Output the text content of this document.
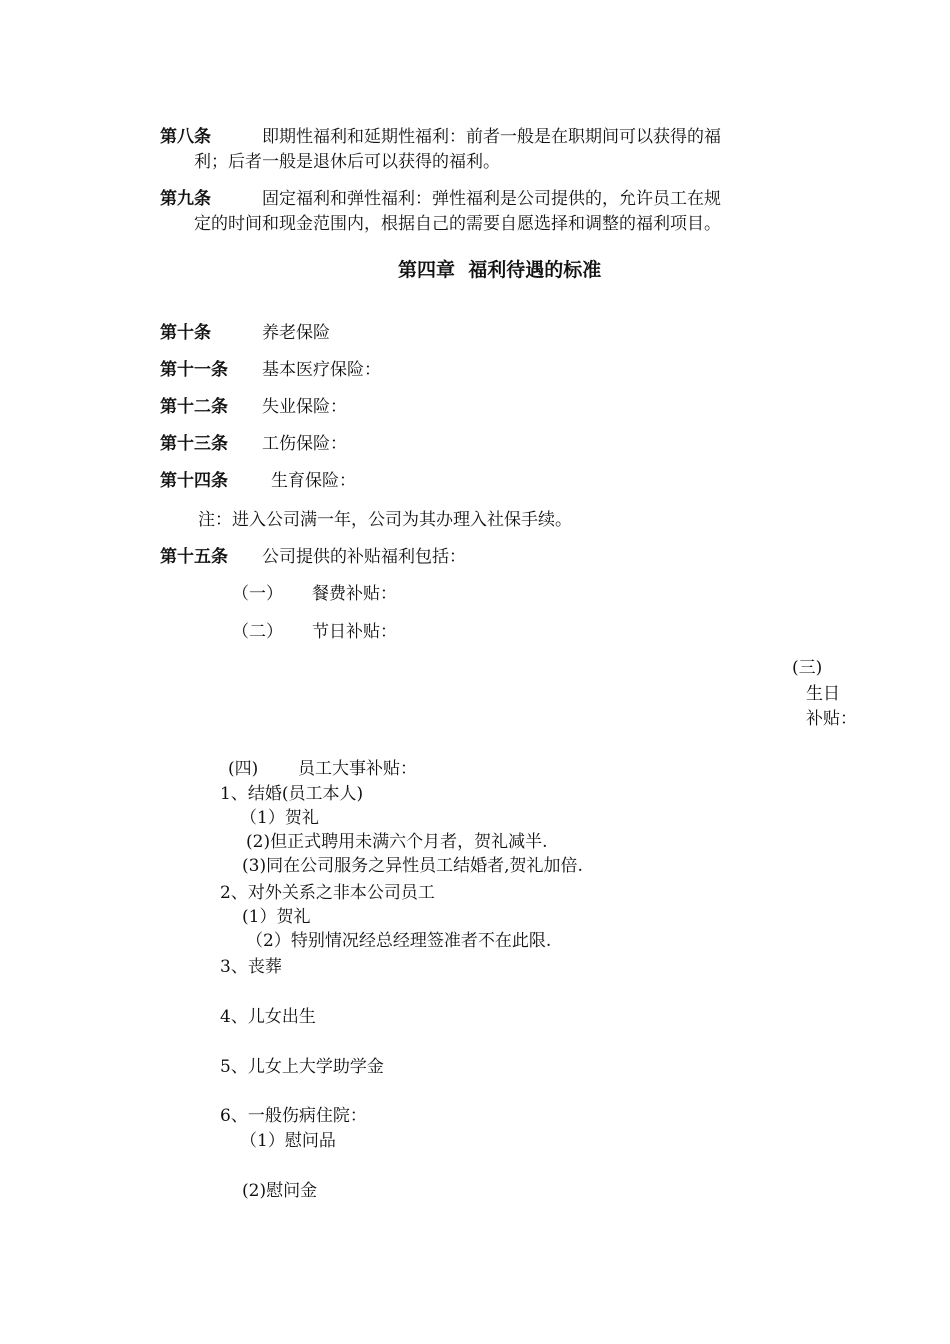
第八条	即期性福利和延期性福利：前者一般是在职期间可以获得的福
利；后者一般是退休后可以获得的福利。
第九条	固定福利和弹性福利：弹性福利是公司提供的，允许员工在规
定的时间和现金范围内，根据自己的需要自愿选择和调整的福利项目。
第四章  福利待遇的标准
第十条	养老保险
第十一条 基本医疗保险：
第十二条 失业保险：
第十三条 工伤保险：
第十四条	生育保险：
注：进入公司满一年，公司为其办理入社保手续。
第十五条 公司提供的补贴福利包括：
（一） 餐费补贴：
（二） 节日补贴：
(三)
生日
补贴：
(四) 员工大事补贴：
1、结婚(员工本人)
（1）贺礼
(2)但正式聘用未满六个月者，贺礼减半.
(3)同在公司服务之异性员工结婚者,贺礼加倍.
2、对外关系之非本公司员工
(1）贺礼
（2）特别情况经总经理签准者不在此限.
3、丧葬
4、儿女出生
5、儿女上大学助学金
6、一般伤病住院：
（1）慰问品
(2)慰问金
